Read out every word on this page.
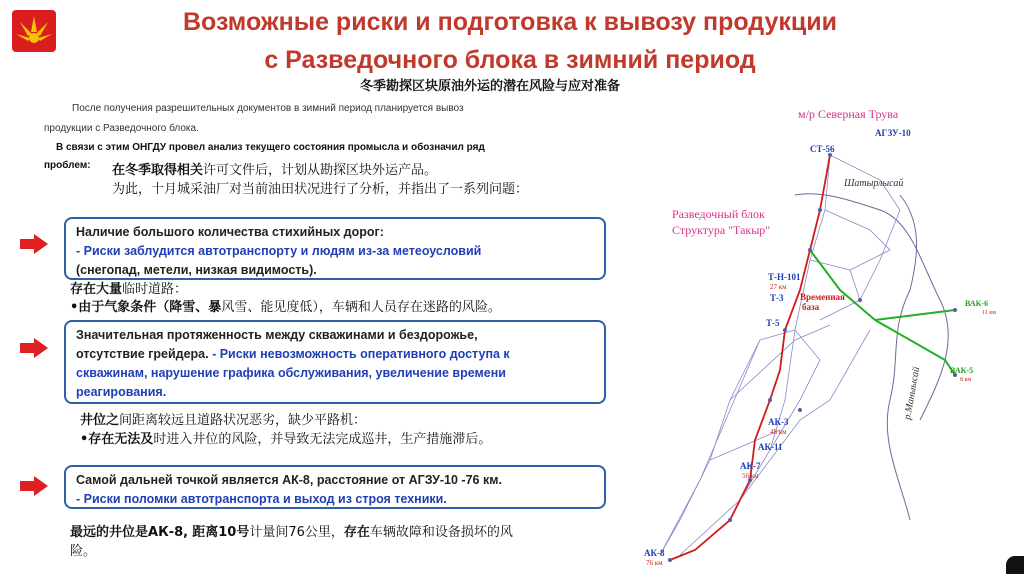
Возможные риски и подготовка к вывозу продукции
с Разведочного блока в зимний период
冬季勘探区块原油外运的潜在风险与应对准备
После получения разрешительных документов в зимний период планируется вывоз
продукции с Разведочного блока.
В связи с этим ОНГДУ провел анализ текущего состояния промысла и обозначил ряд
проблем: 在冬季取得相关许可文件后，计划从勘探区块外运产品。
为此，十月城采油厂对当前油田状况进行了分析，并指出了一系列问题：
Наличие большого количества стихийных дорог:
- Риски заблудится автотранспорту и людям из-за метеоусловий
(снегопад, метели, низкая видимость).
存在大量临时道路：
•由于气象条件（降雪、暴风雪、能见度低），车辆和人员存在迷路的风险。
Значительная протяженность между скважинами и бездорожье,
отсутствие грейдера. - Риски невозможность оперативного доступа к
скважинам, нарушение графика обслуживания, увеличение времени
реагирования.
井位之间距离较远且道路状况恶劣，缺少平路机：
•存在无法及时进入井位的风险，并导致无法完成巡井，生产措施滞后。
Самой дальней точкой является АК-8, расстояние от АГЗУ-10 -76 км.
- Риски поломки автотранспорта и выход из строя техники.
最远的井位是АК-8, 距离10号计量间76公里，存在车辆故障和设备损坏的风
险。
м/р Северная Трува
АГЗУ-10
СТ-56
Разведочный блок
Структура "Такыр"
Шатырлысай
р.Маныысай
Т-Н-101
27 км
Т-3 Временная
база
Т-5
ВАК-6
11 км
ВАК-5
8 км
АК-3
48 км
АК-11
АК-7
56 км
АК-8
76 км
